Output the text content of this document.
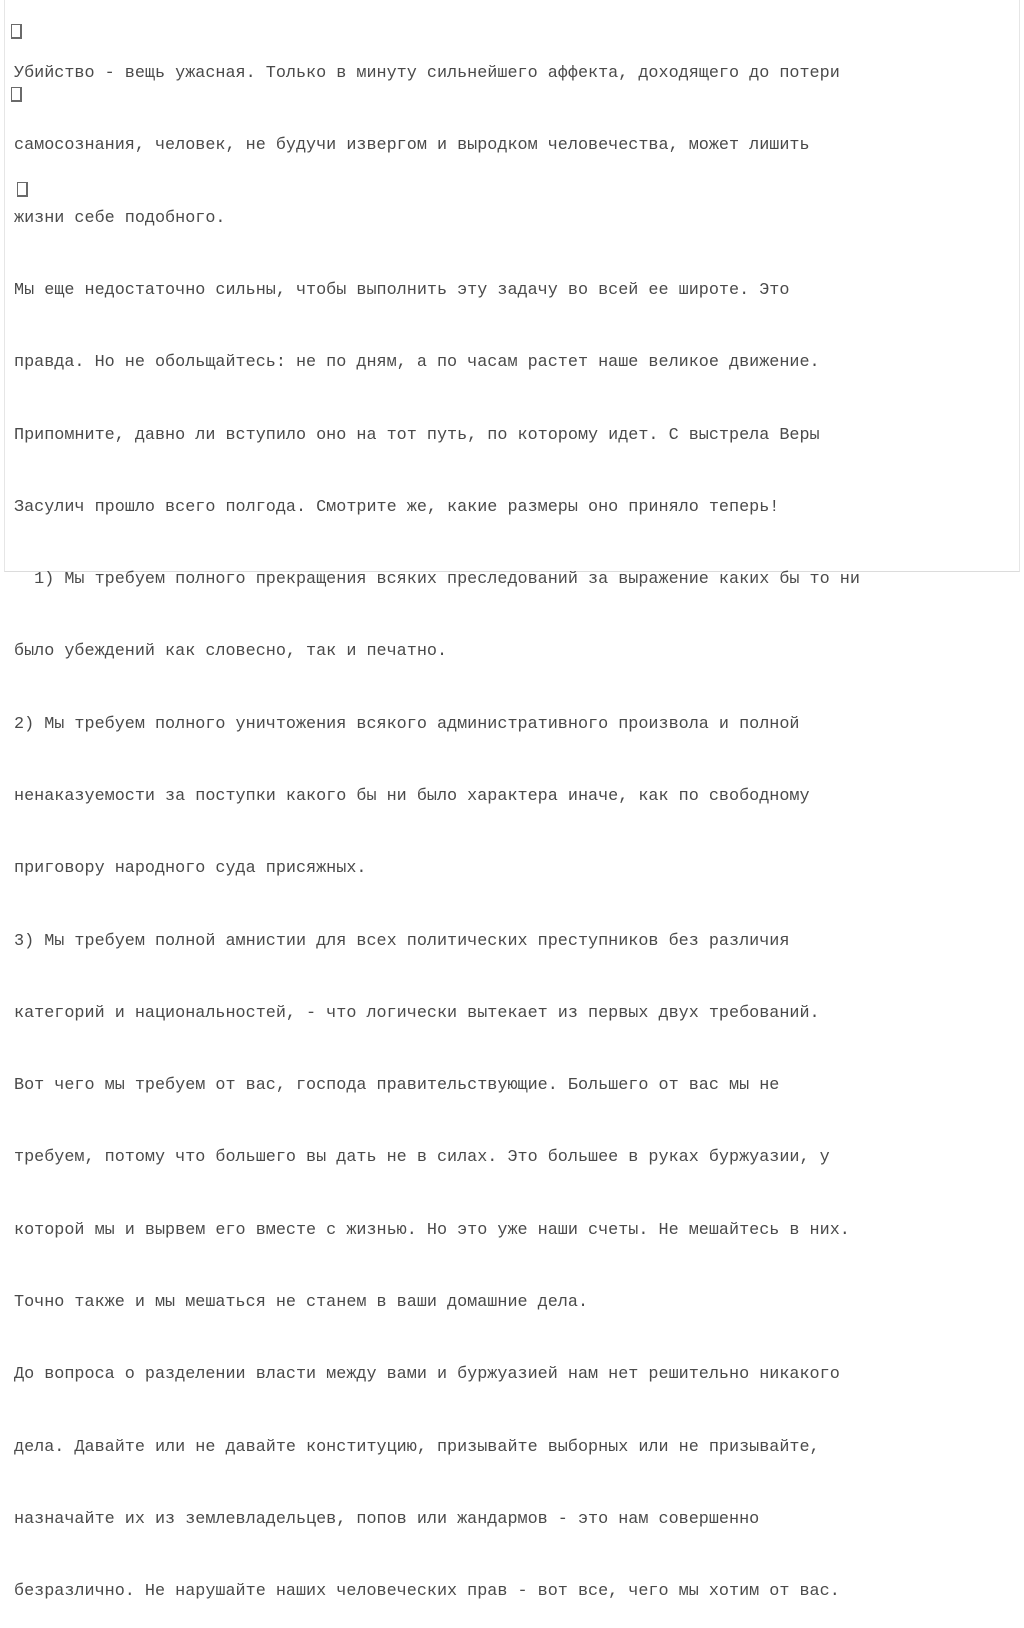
Убийство - вещь ужасная. Только в минуту сильнейшего аффекта, доходящего до потери

самосознания, человек, не будучи извергом и выродком человечества, может лишить

жизни себе подобного.

Мы еще недостаточно сильны, чтобы выполнить эту задачу во всей ее широте. Это

правда. Но не обольщайтесь: не по дням, а по часам растет наше великое движение.

Припомните, давно ли вступило оно на тот путь, по которому идет. С выстрела Веры

Засулич прошло всего полгода. Смотрите же, какие размеры оно приняло теперь!

1) Мы требуем полного прекращения всяких преследований за выражение каких бы то ни

было убеждений как словесно, так и печатно.

2) Мы требуем полного уничтожения всякого административного произвола и полной

ненаказуемости за поступки какого бы ни было характера иначе, как по свободному

приговору народного суда присяжных.

3) Мы требуем полной амнистии для всех политических преступников без различия

категорий и национальностей, - что логически вытекает из первых двух требований.

Вот чего мы требуем от вас, господа правительствующие. Большего от вас мы не

требуем, потому что большего вы дать не в силах. Это большее в руках буржуазии, у

которой мы и вырвем его вместе с жизнью. Но это уже наши счеты. Не мешайтесь в них.

Точно также и мы мешаться не станем в ваши домашние дела.

До вопроса о разделении власти между вами и буржуазией нам нет решительно никакого

дела. Давайте или не давайте конституцию, призывайте выборных или не призывайте,

назначайте их из землевладельцев, попов или жандармов - это нам совершенно

безразлично. Не нарушайте наших человеческих прав - вот все, чего мы хотим от вас.
